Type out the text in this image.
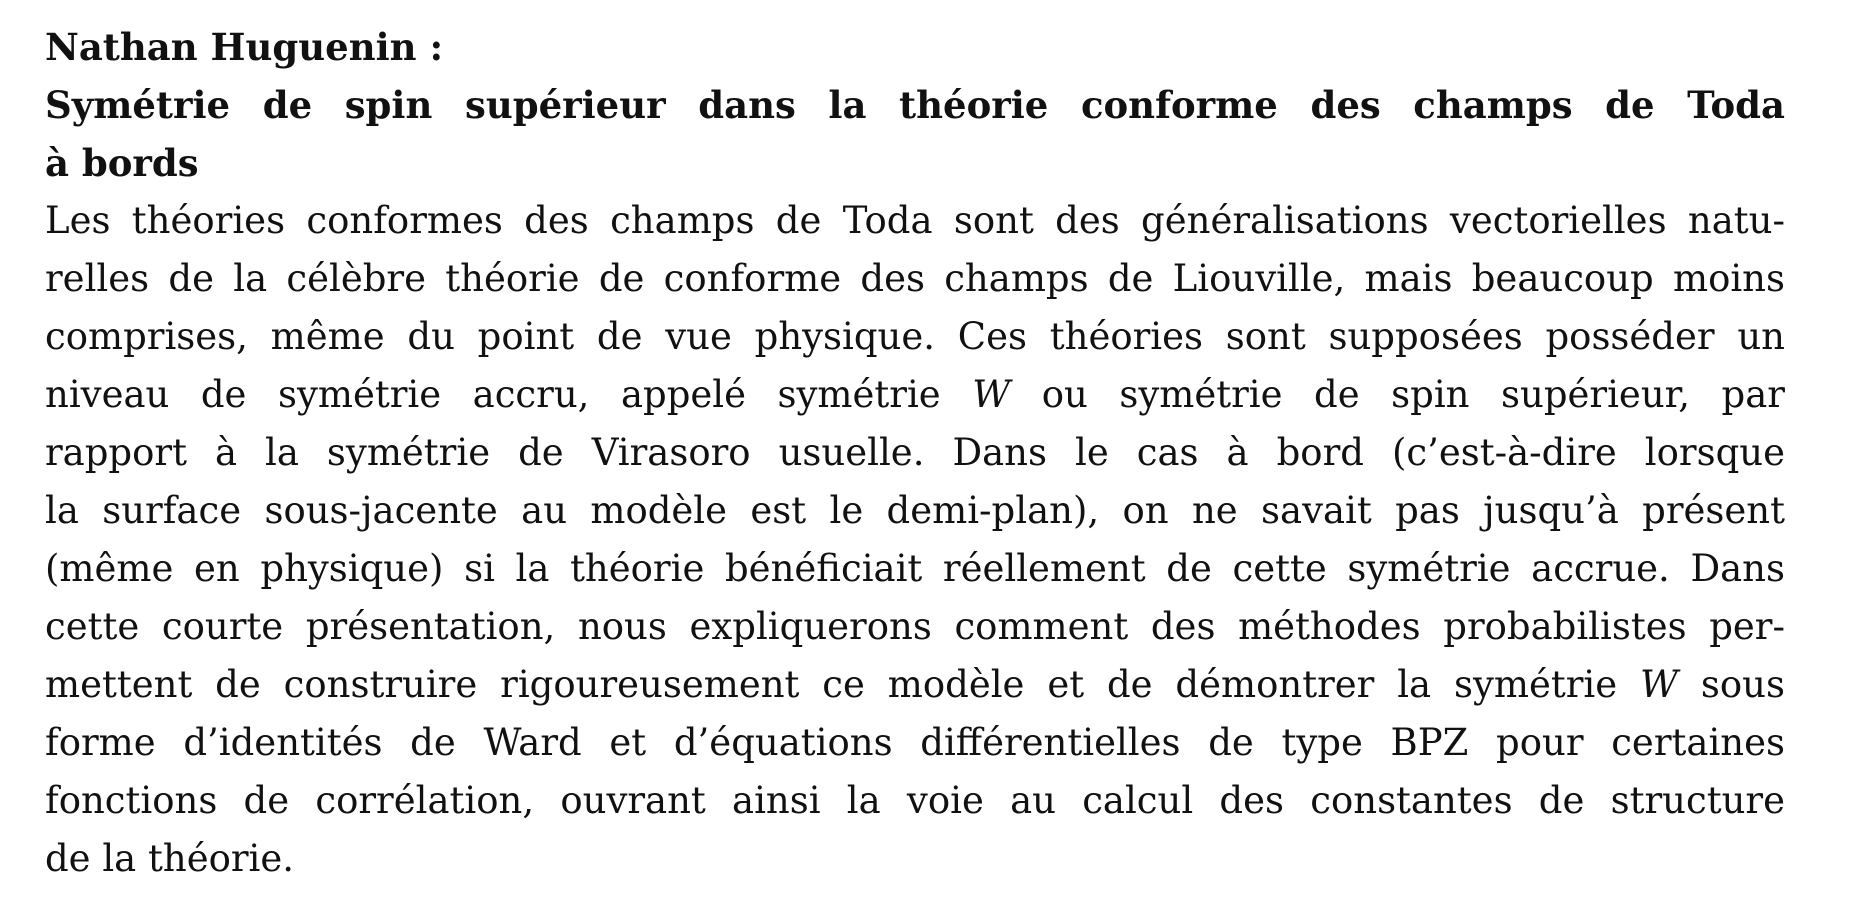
Nathan Huguenin :
Symétrie de spin supérieur dans la théorie conforme des champs de Toda
à bords
Les théories conformes des champs de Toda sont des généralisations vectorielles natu-
relles de la célèbre théorie de conforme des champs de Liouville, mais beaucoup moins
comprises, même du point de vue physique. Ces théories sont supposées posséder un
niveau de symétrie accru, appelé symétrie W ou symétrie de spin supérieur, par
rapport à la symétrie de Virasoro usuelle. Dans le cas à bord (c’est-à-dire lorsque
la surface sous-jacente au modèle est le demi-plan), on ne savait pas jusqu’à présent
(même en physique) si la théorie bénéficiait réellement de cette symétrie accrue. Dans
cette courte présentation, nous expliquerons comment des méthodes probabilistes per-
mettent de construire rigoureusement ce modèle et de démontrer la symétrie W sous
forme d’identités de Ward et d’équations différentielles de type BPZ pour certaines
fonctions de corrélation, ouvrant ainsi la voie au calcul des constantes de structure
de la théorie.
